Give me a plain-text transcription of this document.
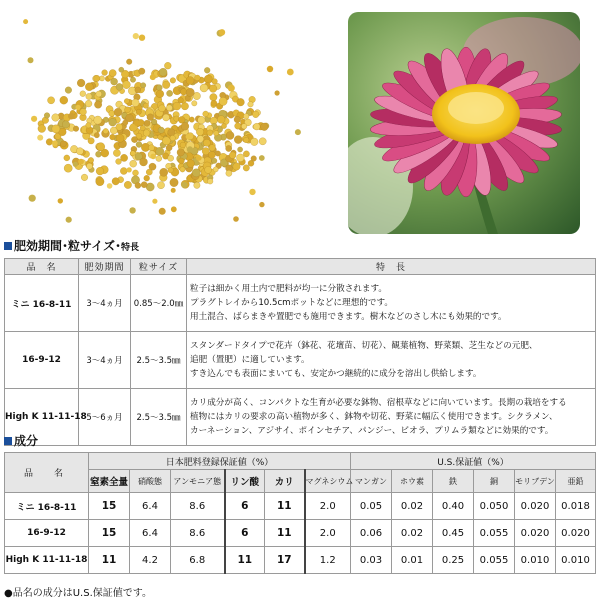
肥効期間･粒サイズ･特長
品　名	肥効期間	粒サイズ	特　長
ミニ 16-8-11	3〜4ヵ月	0.85〜2.0㎜	粒子は細かく用土内で肥料が均一に分散されます。
プラグトレイから10.5cmポットなどに理想的です。
用土混合、ばらまきや置肥でも施用できます。樹木などのさし木にも効果的です。

16-9-12	3〜4ヵ月	2.5〜3.5㎜	スタンダードタイプで花卉（鉢花、花壇苗、切花）、観葉植物、野菜類、芝生などの元肥、
追肥（置肥）に適しています。
すき込んでも表面にまいても、安定かつ継続的に成分を溶出し供給します。

High K 11-11-18	5〜6ヵ月	2.5〜3.5㎜	カリ成分が高く、コンパクトな生育が必要な鉢物、宿根草などに向いています。長期の栽培をする
植物にはカリの要求の高い植物が多く、鉢物や切花、野菜に幅広く使用できます。シクラメン、
カーネーション、アジサイ、ポインセチア、パンジー、ビオラ、プリムラ類などに効果的です。
成分
品　名	日本肥料登録保証値（%）						U.S.保証値（%）					
	窒素全量	硝酸態	アンモニア態	リン酸	カリ	マグネシウム	マンガン	ホウ素	鉄	銅	モリブデン	亜鉛
ミニ 16-8-11	15	6.4	8.6	6	11	2.0	0.05	0.02	0.40	0.050	0.020	0.018
16-9-12	15	6.4	8.6	6	11	2.0	0.06	0.02	0.45	0.055	0.020	0.020
High K 11-11-18	11	4.2	6.8	11	17	1.2	0.03	0.01	0.25	0.055	0.010	0.010
●品名の成分はU.S.保証値です。
